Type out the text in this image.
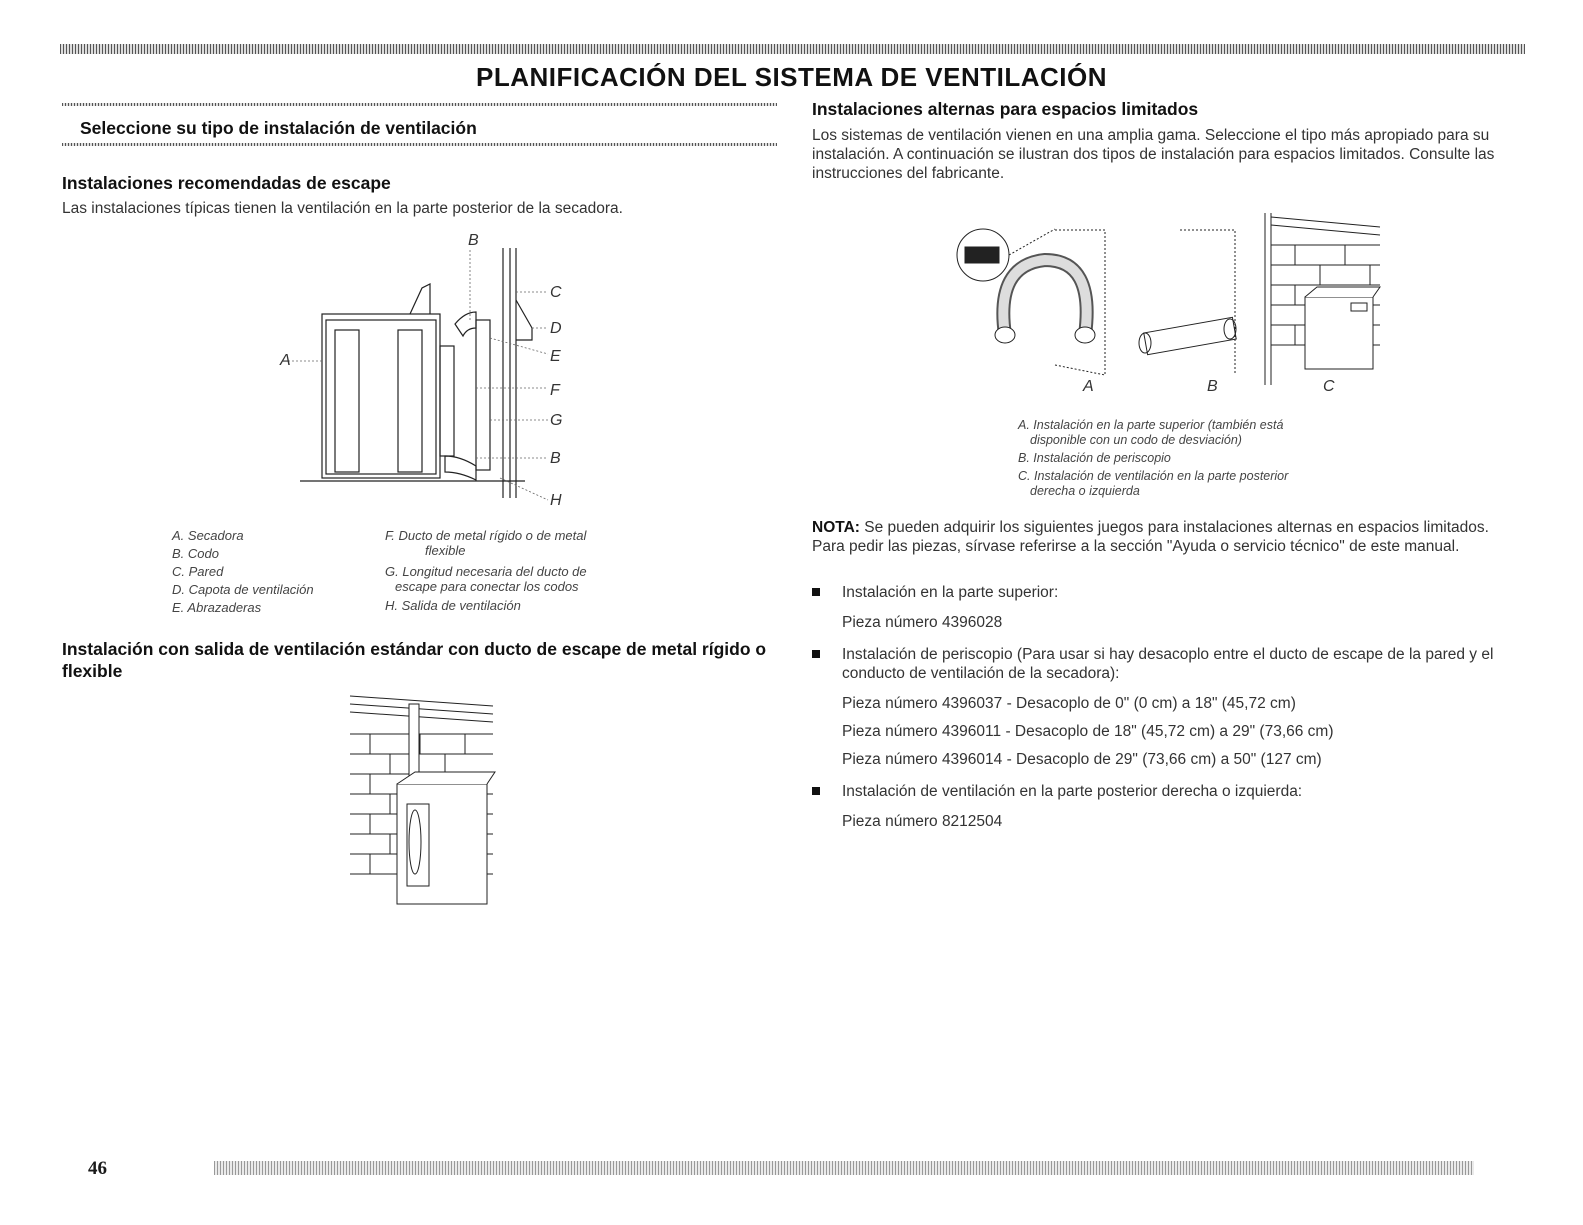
PLANIFICACIÓN DEL SISTEMA DE VENTILACIÓN
Seleccione su tipo de instalación de ventilación
Instalaciones recomendadas de escape
Las instalaciones típicas tienen la ventilación en la parte posterior de la secadora.
A
B
C
D
E
F
G
B
H
A. Secadora
B. Codo
C. Pared
D. Capota de ventilación
E. Abrazaderas
F. Ducto de metal rígido o de metal
flexible
G. Longitud necesaria del ducto de
escape para conectar los codos
H. Salida de ventilación
Instalación con salida de ventilación estándar con ducto de escape de metal rígido o flexible
Instalaciones alternas para espacios limitados
Los sistemas de ventilación vienen en una amplia gama. Seleccione el tipo más apropiado para su instalación. A continuación se ilustran dos tipos de instalación para espacios limitados. Consulte las instrucciones del fabricante.
A	B	C
A. Instalación en la parte superior (también está
disponible con un codo de desviación)
B. Instalación de periscopio
C. Instalación de ventilación en la parte posterior
derecha o izquierda
NOTA: Se pueden adquirir los siguientes juegos para instalaciones alternas en espacios limitados. Para pedir las piezas, sírvase referirse a la sección "Ayuda o servicio técnico" de este manual.
Instalación en la parte superior:
Pieza número 4396028
Instalación de periscopio (Para usar si hay desacoplo entre el ducto de escape de la pared y el conducto de ventilación de la secadora):
Pieza número 4396037 - Desacoplo de 0" (0 cm) a 18" (45,72 cm)
Pieza número 4396011 - Desacoplo de 18" (45,72 cm) a 29" (73,66 cm)
Pieza número 4396014 - Desacoplo de 29" (73,66 cm) a 50" (127 cm)
Instalación de ventilación en la parte posterior derecha o izquierda:
Pieza número 8212504
46
